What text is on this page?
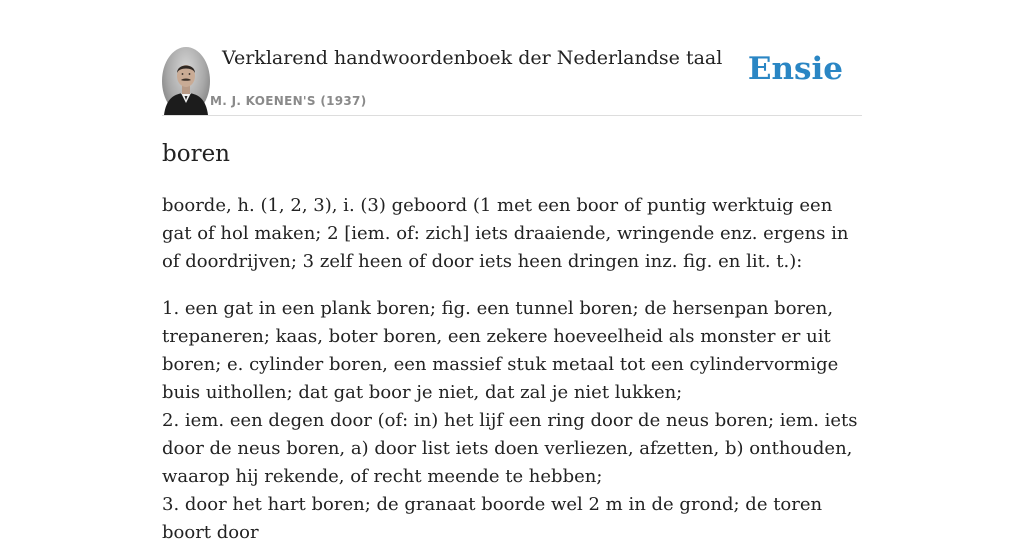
Verklarend handwoordenboek der Nederlandse taal
M. J. KOENEN'S (1937)
Ensie
boren

boorde, h. (1, 2, 3), i. (3) geboord (1 met een boor of puntig werktuig een gat of hol maken; 2 [iem. of: zich] iets draaiende, wringende enz. ergens in of doordrijven; 3 zelf heen of door iets heen dringen inz. fig. en lit. t.):

1. een gat in een plank boren; fig. een tunnel boren; de hersenpan boren, trepaneren; kaas, boter boren, een zekere hoeveelheid als monster er uit boren; e. cylinder boren, een massief stuk metaal tot een cylindervormige buis uithollen; dat gat boor je niet, dat zal je niet lukken;
2. iem. een degen door (of: in) het lijf een ring door de neus boren; iem. iets door de neus boren, a) door list iets doen verliezen, afzetten, b) onthouden, waarop hij rekende, of recht meende te hebben;
3. door het hart boren; de granaat boorde wel 2 m in de grond; de toren boort door
